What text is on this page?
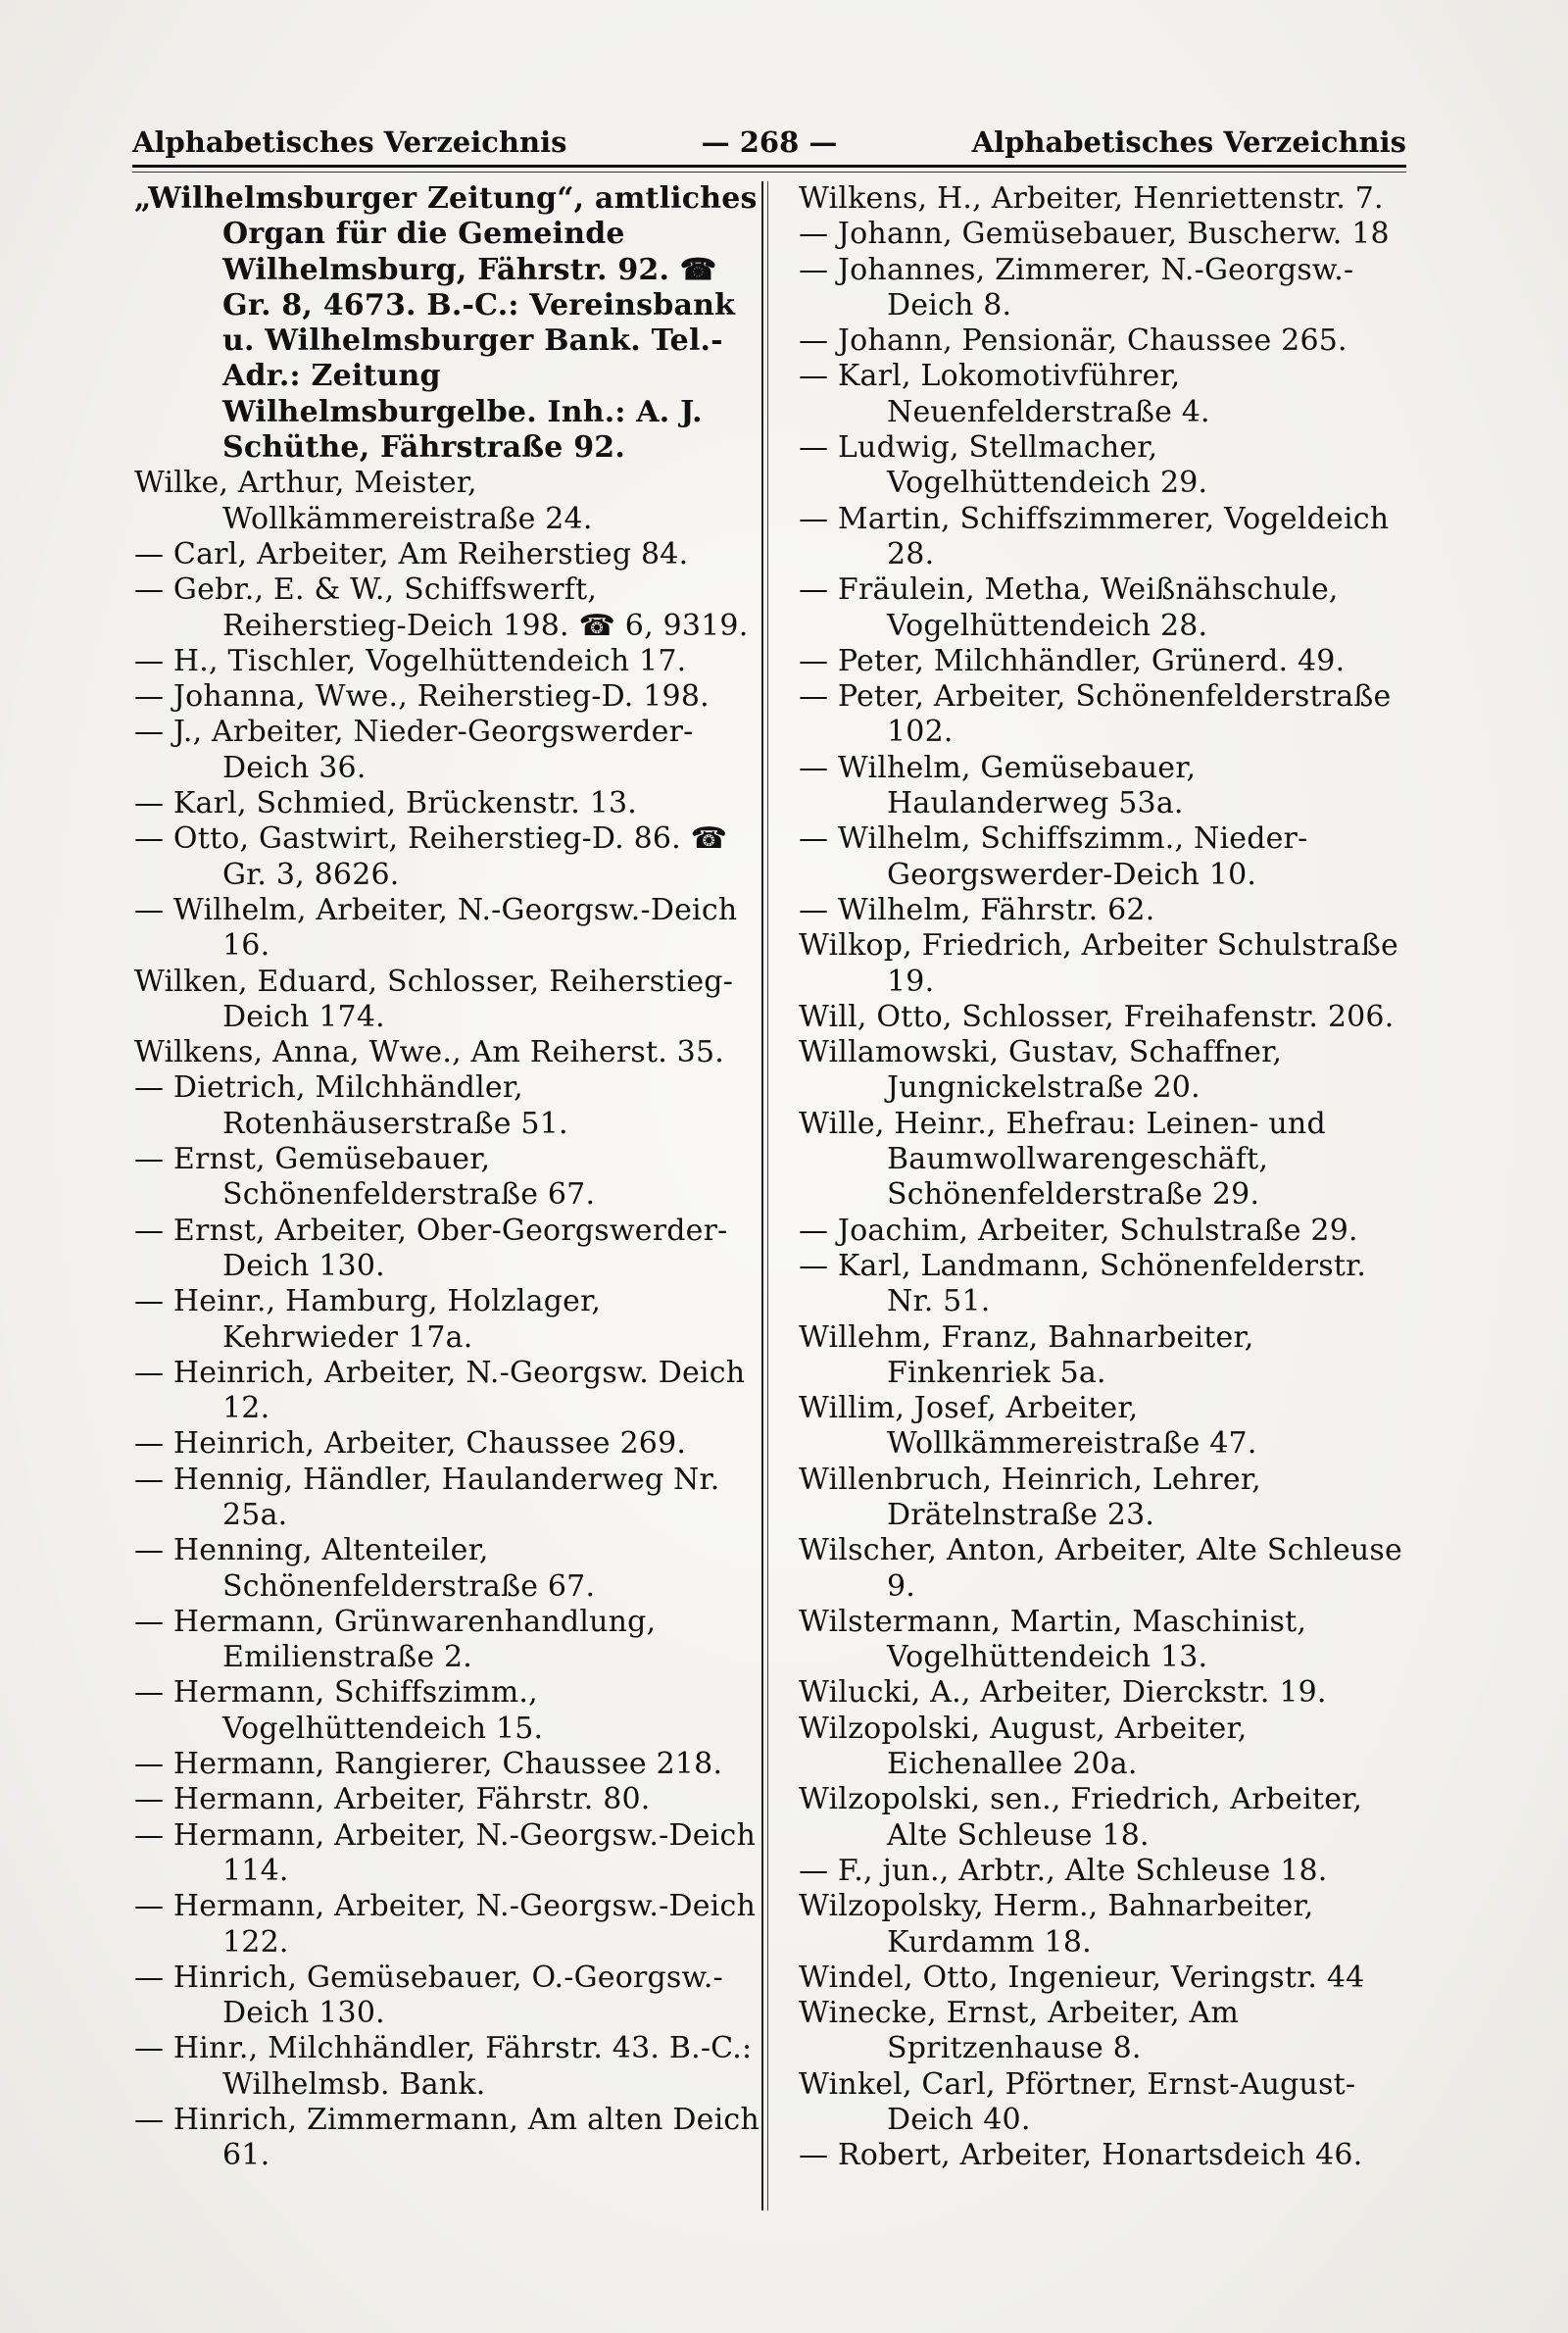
Alphabetisches Verzeichnis	— 268 —	Alphabetisches Verzeichnis
„Wilhelmsburger Zeitung“, amtliches Organ für die Gemeinde Wilhelmsburg, Fährstr. 92. ☎ Gr. 8, 4673. B.-C.: Vereinsbank u. Wilhelmsburger Bank. Tel.-Adr.: Zeitung Wilhelmsburgelbe. Inh.: A. J. Schüthe, Fährstraße 92.
Wilke, Arthur, Meister, Wollkämmereistraße 24.
— Carl, Arbeiter, Am Reiherstieg 84.
— Gebr., E. & W., Schiffswerft, Reiherstieg-Deich 198. ☎ 6, 9319.
— H., Tischler, Vogelhüttendeich 17.
— Johanna, Wwe., Reiherstieg-D. 198.
— J., Arbeiter, Nieder-Georgswerder-Deich 36.
— Karl, Schmied, Brückenstr. 13.
— Otto, Gastwirt, Reiherstieg-D. 86. ☎ Gr. 3, 8626.
— Wilhelm, Arbeiter, N.-Georgsw.-Deich 16.
Wilken, Eduard, Schlosser, Reiherstieg-Deich 174.
Wilkens, Anna, Wwe., Am Reiherst. 35.
— Dietrich, Milchhändler, Rotenhäuserstraße 51.
— Ernst, Gemüsebauer, Schönenfelderstraße 67.
— Ernst, Arbeiter, Ober-Georgswerder-Deich 130.
— Heinr., Hamburg, Holzlager, Kehrwieder 17a.
— Heinrich, Arbeiter, N.-Georgsw. Deich 12.
— Heinrich, Arbeiter, Chaussee 269.
— Hennig, Händler, Haulanderweg Nr. 25a.
— Henning, Altenteiler, Schönenfelderstraße 67.
— Hermann, Grünwarenhandlung, Emilienstraße 2.
— Hermann, Schiffszimm., Vogelhüttendeich 15.
— Hermann, Rangierer, Chaussee 218.
— Hermann, Arbeiter, Fährstr. 80.
— Hermann, Arbeiter, N.-Georgsw.-Deich 114.
— Hermann, Arbeiter, N.-Georgsw.-Deich 122.
— Hinrich, Gemüsebauer, O.-Georgsw.-Deich 130.
— Hinr., Milchhändler, Fährstr. 43. B.-C.: Wilhelmsb. Bank.
— Hinrich, Zimmermann, Am alten Deich 61.
Wilkens, H., Arbeiter, Henriettenstr. 7.
— Johann, Gemüsebauer, Buscherw. 18
— Johannes, Zimmerer, N.-Georgsw.-Deich 8.
— Johann, Pensionär, Chaussee 265.
— Karl, Lokomotivführer, Neuenfelderstraße 4.
— Ludwig, Stellmacher, Vogelhüttendeich 29.
— Martin, Schiffszimmerer, Vogeldeich 28.
— Fräulein, Metha, Weißnähschule, Vogelhüttendeich 28.
— Peter, Milchhändler, Grünerd. 49.
— Peter, Arbeiter, Schönenfelderstraße 102.
— Wilhelm, Gemüsebauer, Haulanderweg 53a.
— Wilhelm, Schiffszimm., Nieder-Georgswerder-Deich 10.
— Wilhelm, Fährstr. 62.
Wilkop, Friedrich, Arbeiter Schulstraße 19.
Will, Otto, Schlosser, Freihafenstr. 206.
Willamowski, Gustav, Schaffner, Jungnickelstraße 20.
Wille, Heinr., Ehefrau: Leinen- und Baumwollwarengeschäft, Schönenfelderstraße 29.
— Joachim, Arbeiter, Schulstraße 29.
— Karl, Landmann, Schönenfelderstr. Nr. 51.
Willehm, Franz, Bahnarbeiter, Finkenriek 5a.
Willim, Josef, Arbeiter, Wollkämmereistraße 47.
Willenbruch, Heinrich, Lehrer, Drätelnstraße 23.
Wilscher, Anton, Arbeiter, Alte Schleuse 9.
Wilstermann, Martin, Maschinist, Vogelhüttendeich 13.
Wilucki, A., Arbeiter, Dierckstr. 19.
Wilzopolski, August, Arbeiter, Eichenallee 20a.
Wilzopolski, sen., Friedrich, Arbeiter, Alte Schleuse 18.
— F., jun., Arbtr., Alte Schleuse 18.
Wilzopolsky, Herm., Bahnarbeiter, Kurdamm 18.
Windel, Otto, Ingenieur, Veringstr. 44
Winecke, Ernst, Arbeiter, Am Spritzenhause 8.
Winkel, Carl, Pförtner, Ernst-August-Deich 40.
— Robert, Arbeiter, Honartsdeich 46.
